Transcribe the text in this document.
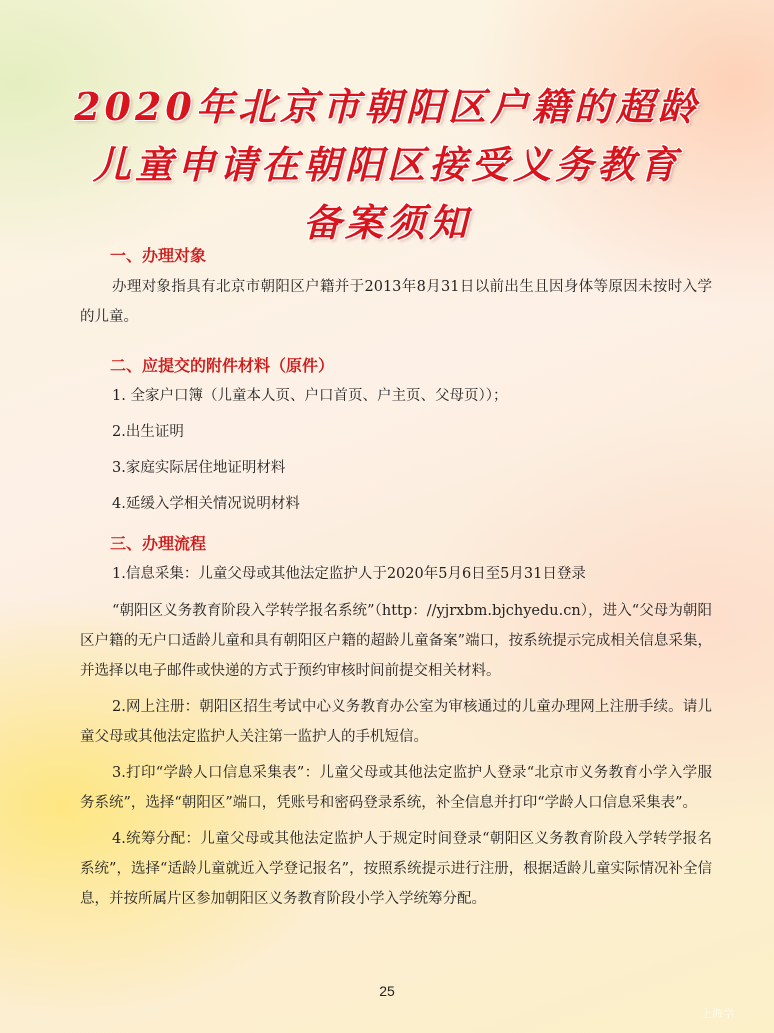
2020年北京市朝阳区户籍的超龄
儿童申请在朝阳区接受义务教育
备案须知
一、办理对象
办理对象指具有北京市朝阳区户籍并于2013年8月31日以前出生且因身体等原因未按时入学的儿童。
二、应提交的附件材料（原件）
1. 全家户口簿（儿童本人页、户口首页、户主页、父母页））；
2.出生证明
3.家庭实际居住地证明材料
4.延缓入学相关情况说明材料
三、办理流程
1.信息采集：儿童父母或其他法定监护人于2020年5月6日至5月31日登录
“朝阳区义务教育阶段入学转学报名系统”（http：//yjrxbm.bjchyedu.cn），进入“父母为朝阳区户籍的无户口适龄儿童和具有朝阳区户籍的超龄儿童备案”端口，按系统提示完成相关信息采集，并选择以电子邮件或快递的方式于预约审核时间前提交相关材料。
2.网上注册：朝阳区招生考试中心义务教育办公室为审核通过的儿童办理网上注册手续。请儿童父母或其他法定监护人关注第一监护人的手机短信。
3.打印“学龄人口信息采集表”：儿童父母或其他法定监护人登录“北京市义务教育小学入学服务系统”，选择“朝阳区”端口，凭账号和密码登录系统，补全信息并打印“学龄人口信息采集表”。
4.统筹分配：儿童父母或其他法定监护人于规定时间登录“朝阳区义务教育阶段入学转学报名系统”，选择“适龄儿童就近入学登记报名”，按照系统提示进行注册，根据适龄儿童实际情况补全信息，并按所属片区参加朝阳区义务教育阶段小学入学统筹分配。
25
上海学
